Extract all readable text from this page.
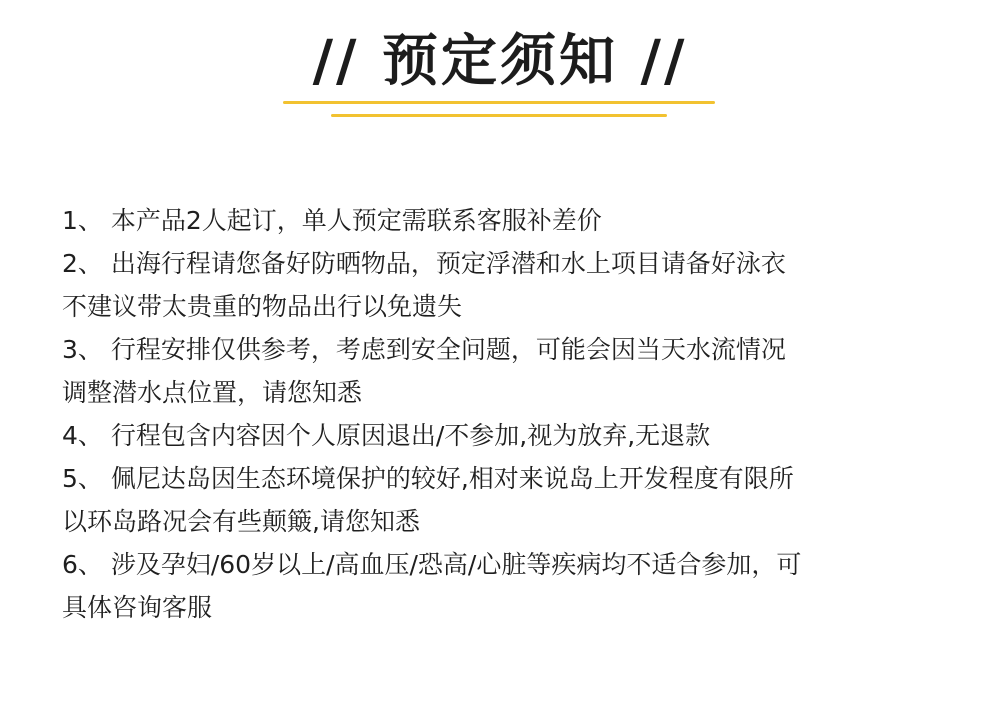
// 预定须知 //
1、 本产品2人起订，单人预定需联系客服补差价
2、 出海行程请您备好防晒物品，预定浮潜和水上项目请备好泳衣
不建议带太贵重的物品出行以免遗失
3、 行程安排仅供参考，考虑到安全问题，可能会因当天水流情况
调整潜水点位置，请您知悉
4、 行程包含内容因个人原因退出/不参加,视为放弃,无退款
5、 佩尼达岛因生态环境保护的较好,相对来说岛上开发程度有限所
以环岛路况会有些颠簸,请您知悉
6、 涉及孕妇/60岁以上/高血压/恐高/心脏等疾病均不适合参加，可
具体咨询客服
